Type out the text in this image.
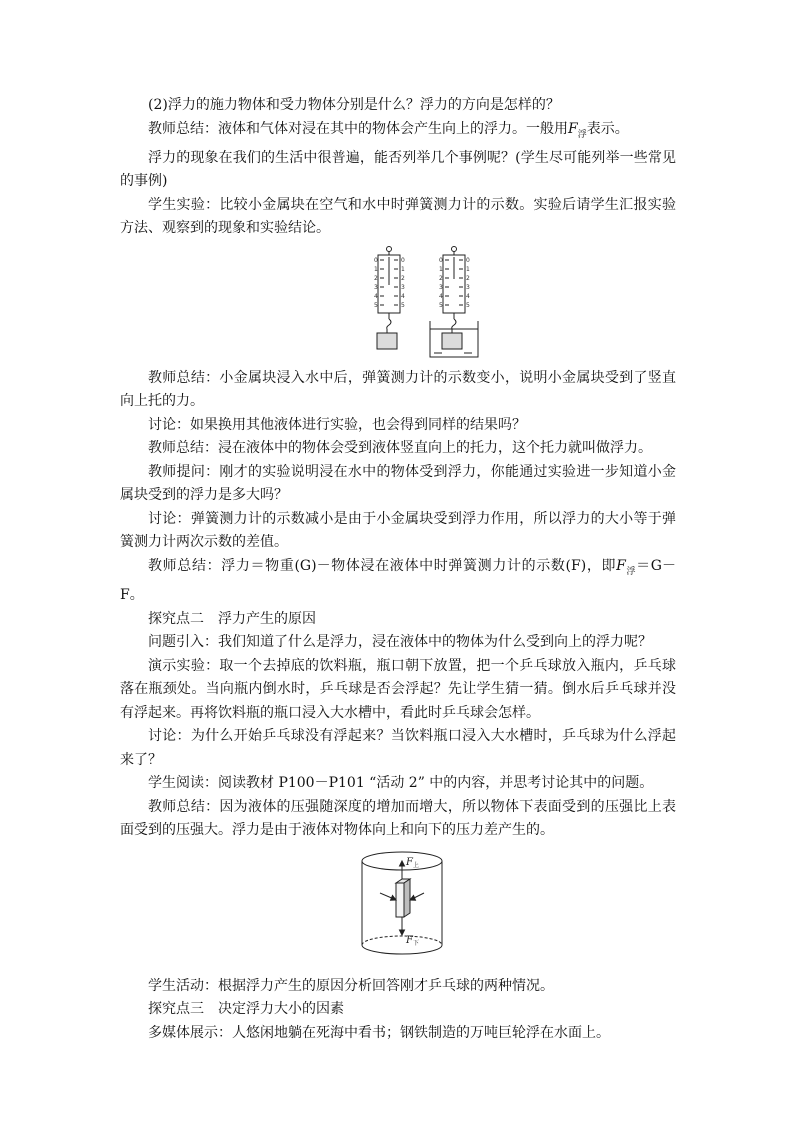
(2)浮力的施力物体和受力物体分别是什么？浮力的方向是怎样的？

教师总结：液体和气体对浸在其中的物体会产生向上的浮力。一般用$F_浮$表示。

浮力的现象在我们的生活中很普遍，能否列举几个事例呢？(学生尽可能列举一些常见的事例)

学生实验：比较小金属块在空气和水中时弹簧测力计的示数。实验后请学生汇报实验方法、观察到的现象和实验结论。

0
1
2
3
4
5
0
1
2
3
4
5
0
1
2
3
4
5
0
1
2
3
4
5

教师总结：小金属块浸入水中后，弹簧测力计的示数变小，说明小金属块受到了竖直向上托的力。

讨论：如果换用其他液体进行实验，也会得到同样的结果吗？

教师总结：浸在液体中的物体会受到液体竖直向上的托力，这个托力就叫做浮力。

教师提问：刚才的实验说明浸在水中的物体受到浮力，你能通过实验进一步知道小金属块受到的浮力是多大吗？

讨论：弹簧测力计的示数减小是由于小金属块受到浮力作用，所以浮力的大小等于弹簧测力计两次示数的差值。

教师总结：浮力＝物重(G)－物体浸在液体中时弹簧测力计的示数(F)，即$F_浮=G-F$。

探究点二　浮力产生的原因

问题引入：我们知道了什么是浮力，浸在液体中的物体为什么受到向上的浮力呢？

演示实验：取一个去掉底的饮料瓶，瓶口朝下放置，把一个乒乓球放入瓶内，乒乓球落在瓶颈处。当向瓶内倒水时，乒乓球是否会浮起？先让学生猜一猜。倒水后乒乓球并没有浮起来。再将饮料瓶的瓶口浸入大水槽中，看此时乒乓球会怎样。

讨论：为什么开始乒乓球没有浮起来？当饮料瓶口浸入大水槽时，乒乓球为什么浮起来了？

学生阅读：阅读教材 P100－P101 “活动 2” 中的内容，并思考讨论其中的问题。

教师总结：因为液体的压强随深度的增加而增大，所以物体下表面受到的压强比上表面受到的压强大。浮力是由于液体对物体向上和向下的压力差产生的。

F
F
上
下

学生活动：根据浮力产生的原因分析回答刚才乒乓球的两种情况。

探究点三　决定浮力大小的因素

多媒体展示：人悠闲地躺在死海中看书；钢铁制造的万吨巨轮浮在水面上。
